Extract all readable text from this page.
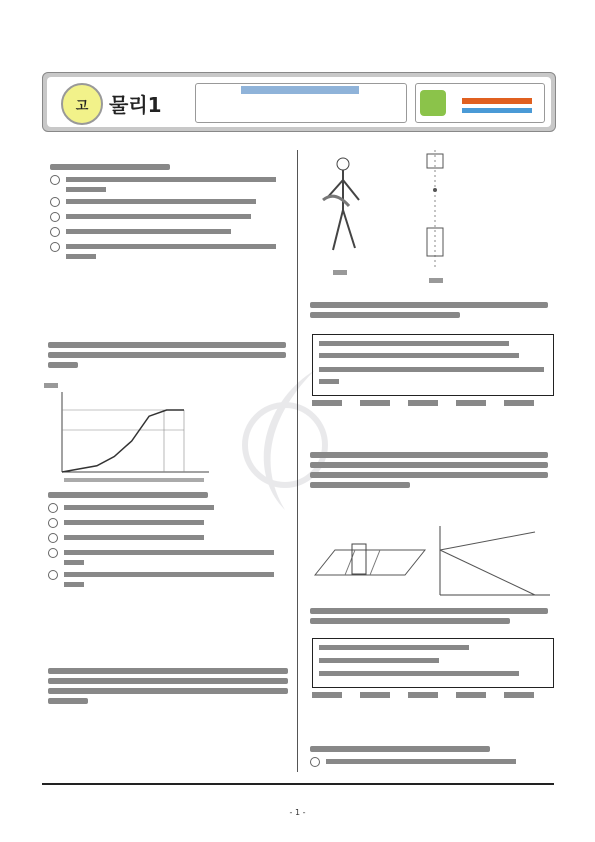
고	물리1
- 1 -
